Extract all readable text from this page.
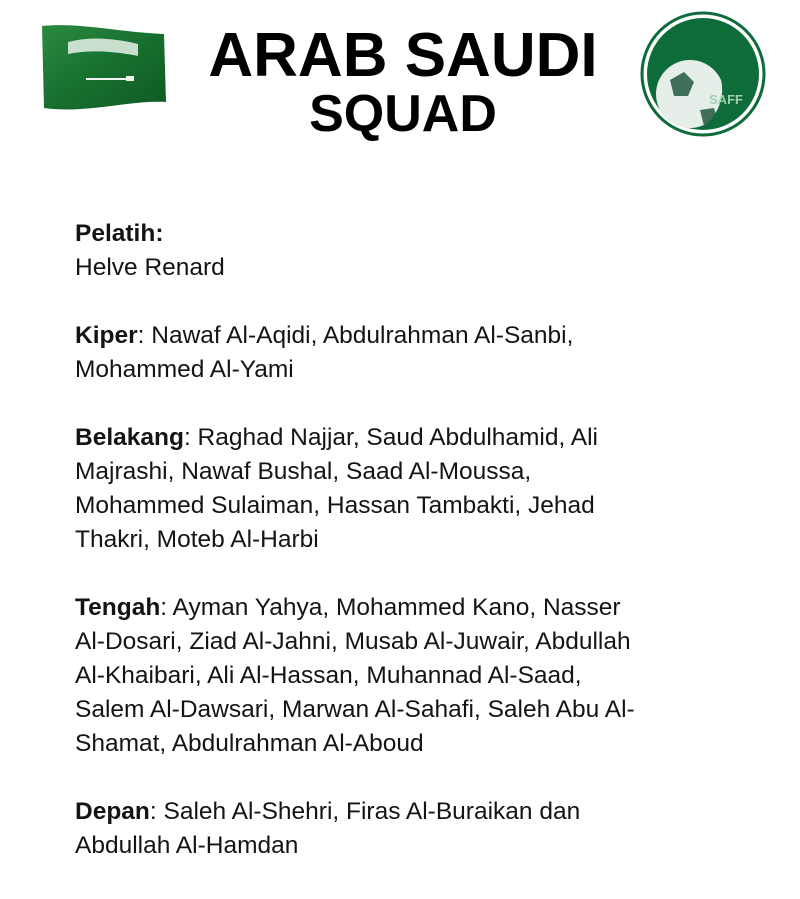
ARAB SAUDI
SQUAD	SAFF
Pelatih:
Helve Renard
Kiper: Nawaf Al-Aqidi, Abdulrahman Al-Sanbi,
Mohammed Al-Yami
Belakang: Raghad Najjar, Saud Abdulhamid, Ali
Majrashi, Nawaf Bushal, Saad Al-Moussa,
Mohammed Sulaiman, Hassan Tambakti, Jehad
Thakri, Moteb Al-Harbi
Tengah: Ayman Yahya, Mohammed Kano, Nasser
Al-Dosari, Ziad Al-Jahni, Musab Al-Juwair, Abdullah
Al-Khaibari, Ali Al-Hassan, Muhannad Al-Saad,
Salem Al-Dawsari, Marwan Al-Sahafi, Saleh Abu Al-
Shamat, Abdulrahman Al-Aboud
Depan: Saleh Al-Shehri, Firas Al-Buraikan dan
Abdullah Al-Hamdan
